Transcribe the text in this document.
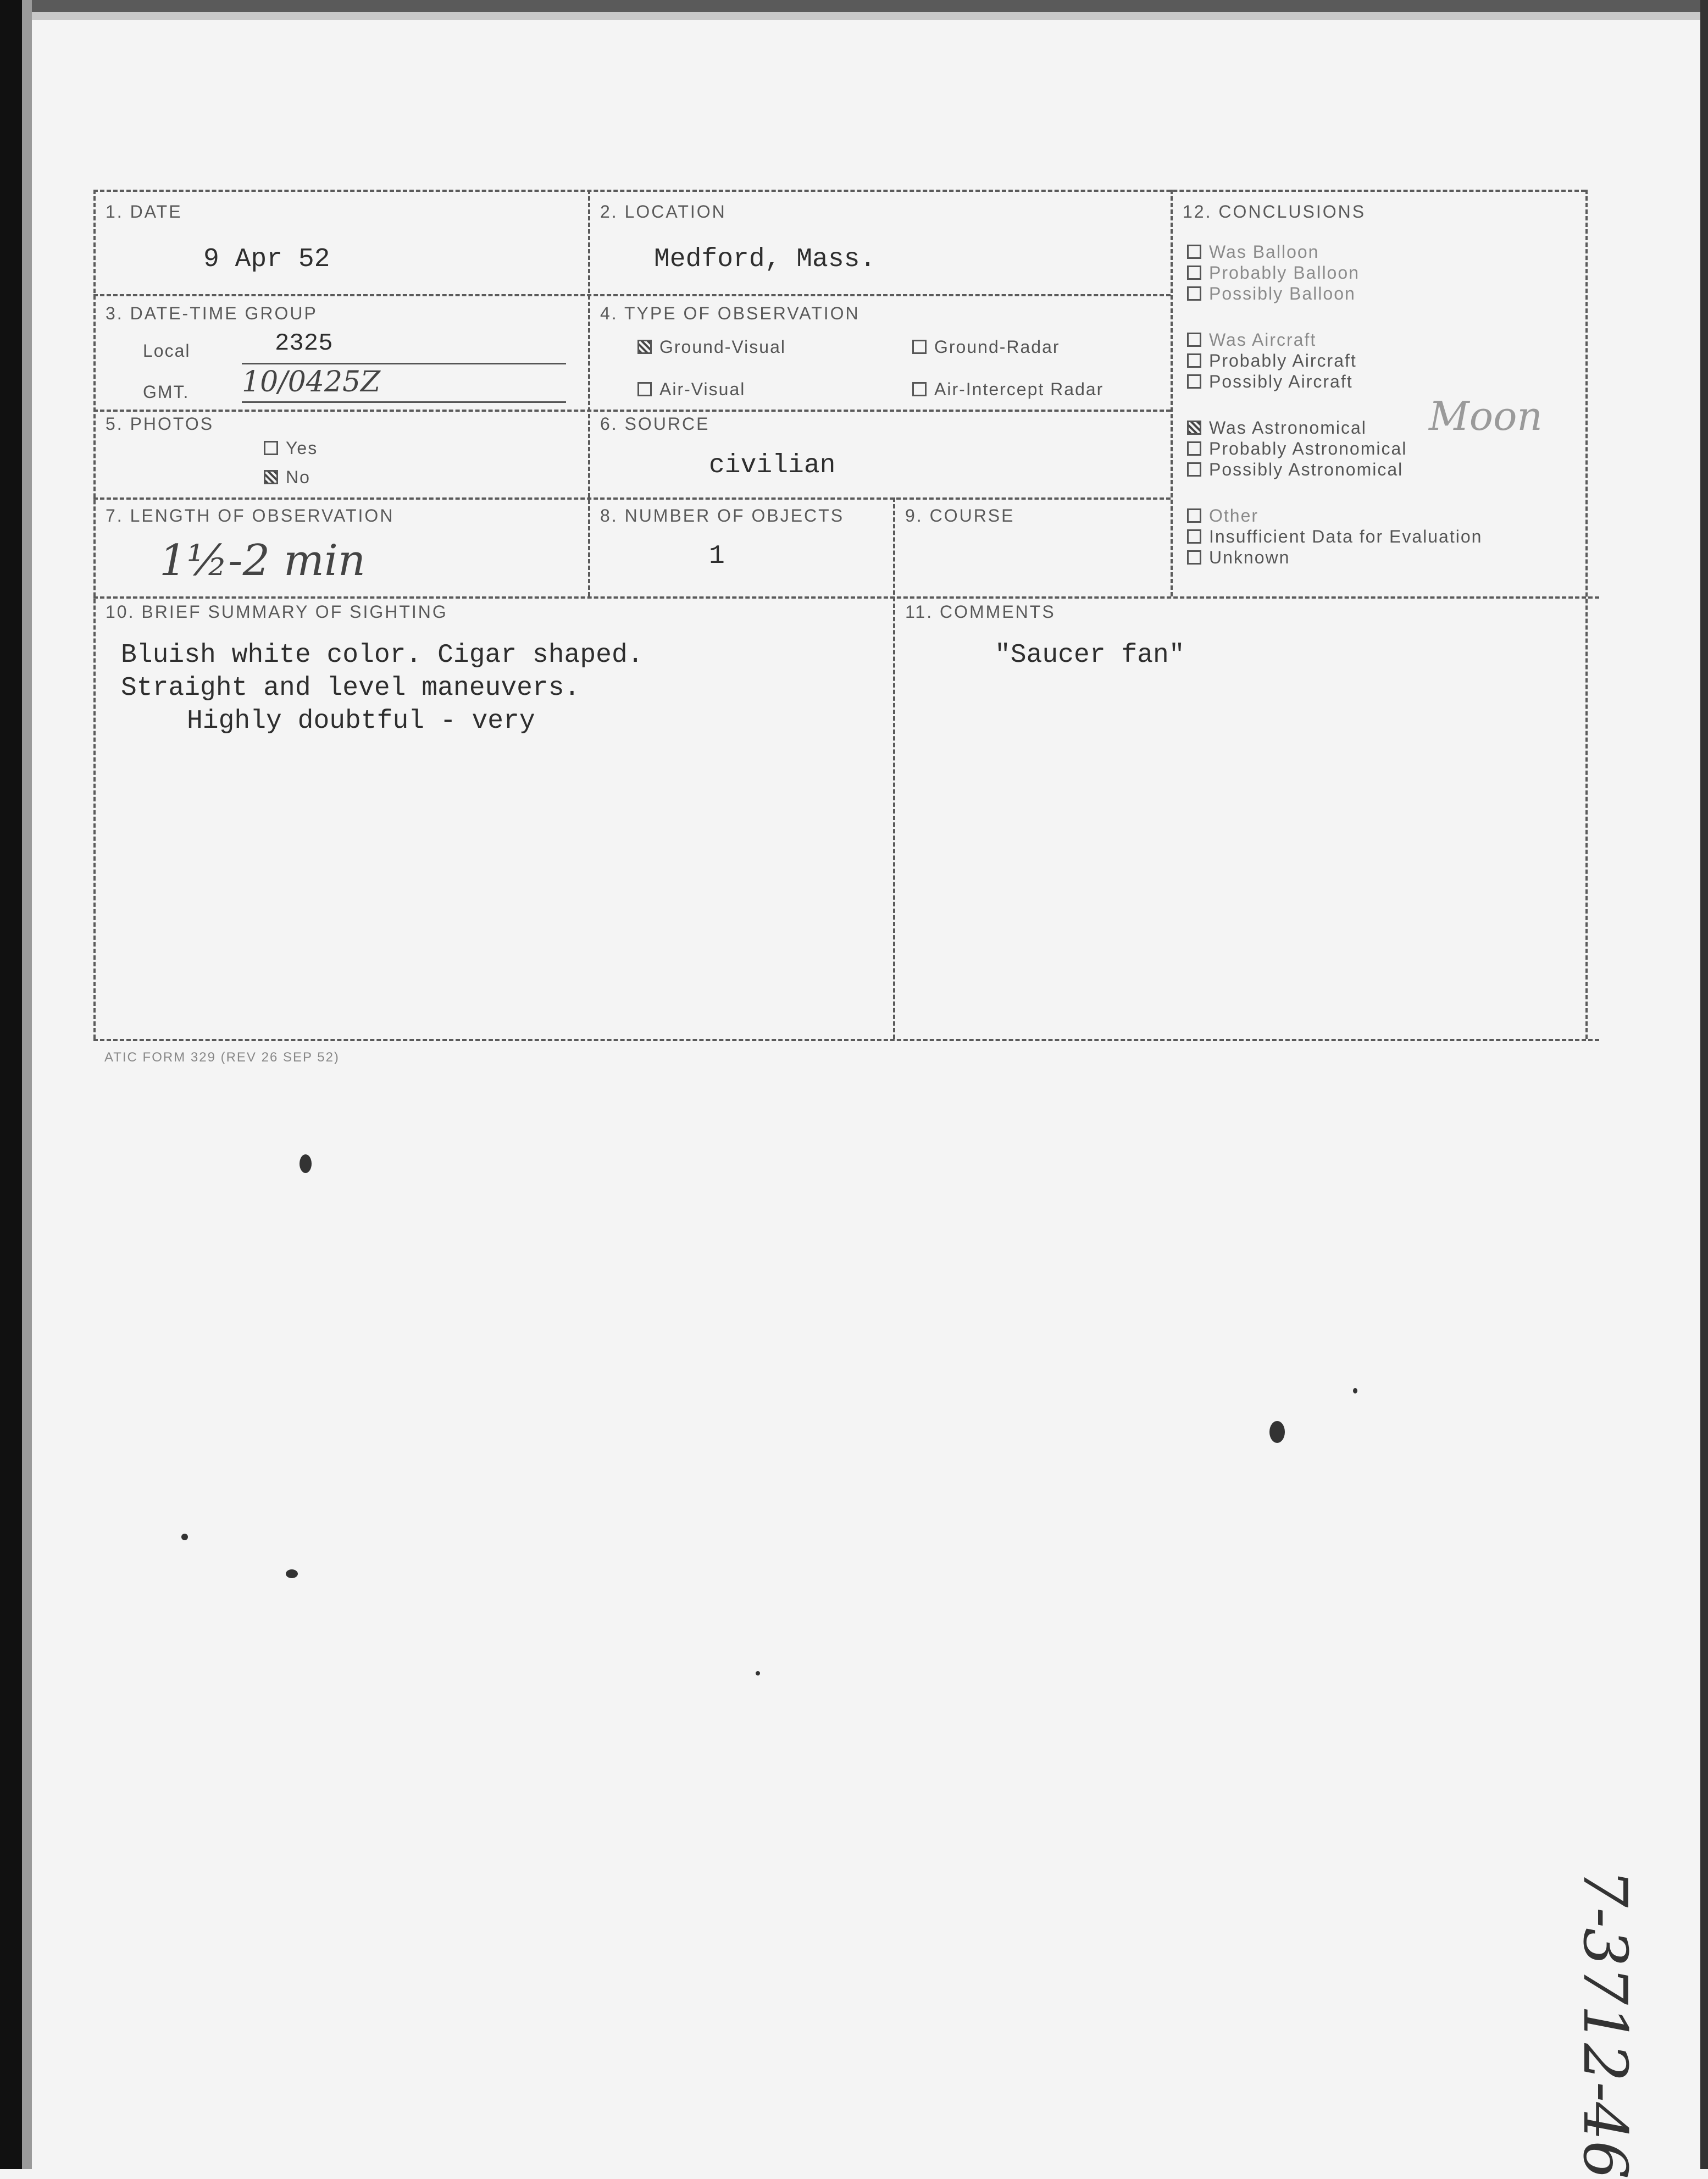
1. DATE
9 Apr 52
2. LOCATION
Medford, Mass.
3. DATE-TIME GROUP
Local	2325
GMT. 10/0425Z
4. TYPE OF OBSERVATION
Ground-Visual	Ground-Radar
Air-Visual	Air-Intercept Radar
5. PHOTOS
Yes
No
6. SOURCE
civilian
7. LENGTH OF OBSERVATION
1½-2 min
8. NUMBER OF OBJECTS
1
9. COURSE
12. CONCLUSIONS
Was Balloon
Probably Balloon
Possibly Balloon
Was Aircraft
Probably Aircraft
Possibly Aircraft
Was Astronomical
Probably Astronomical
Possibly Astronomical
Moon
Other
Insufficient Data for Evaluation
Unknown
10. BRIEF SUMMARY OF SIGHTING
Bluish white color. Cigar shaped.
Straight and level maneuvers.
Highly doubtful - very
11. COMMENTS
"Saucer fan"
ATIC FORM 329 (REV 26 SEP 52)
7-3712-46
